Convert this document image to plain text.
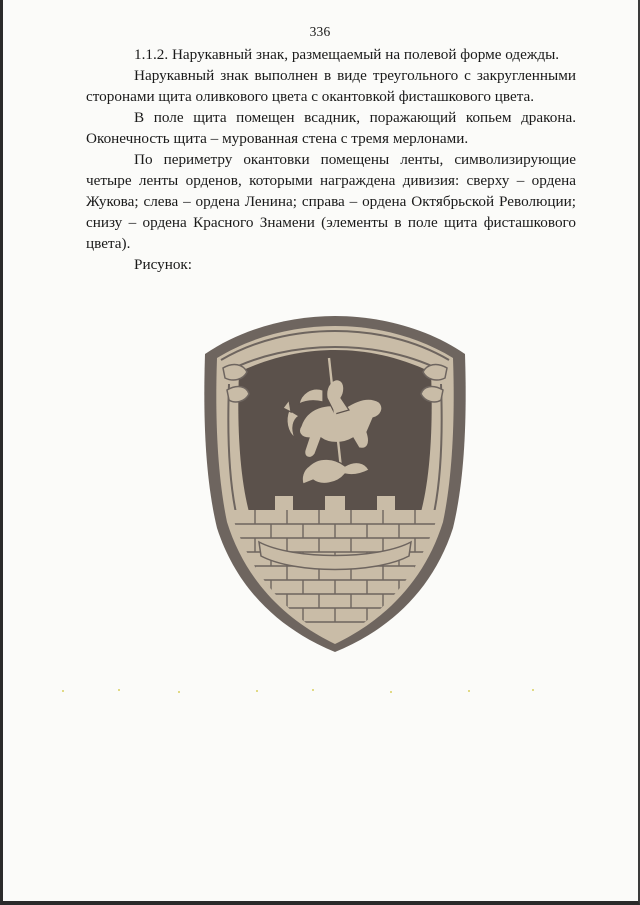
336

1.1.2. Нарукавный знак, размещаемый на полевой форме одежды.

Нарукавный знак выполнен в виде треугольного с закругленными сторонами щита оливкового цвета с окантовкой фисташкового цвета.

В поле щита помещен всадник, поражающий копьем дракона. Оконечность щита – мурованная стена с тремя мерлонами.

По периметру окантовки помещены ленты, символизирующие четыре ленты орденов, которыми награждена дивизия: сверху – ордена Жукова; слева – ордена Ленина; справа – ордена Октябрьской Революции; снизу – ордена Красного Знамени (элементы в поле щита фисташкового цвета).

Рисунок:
